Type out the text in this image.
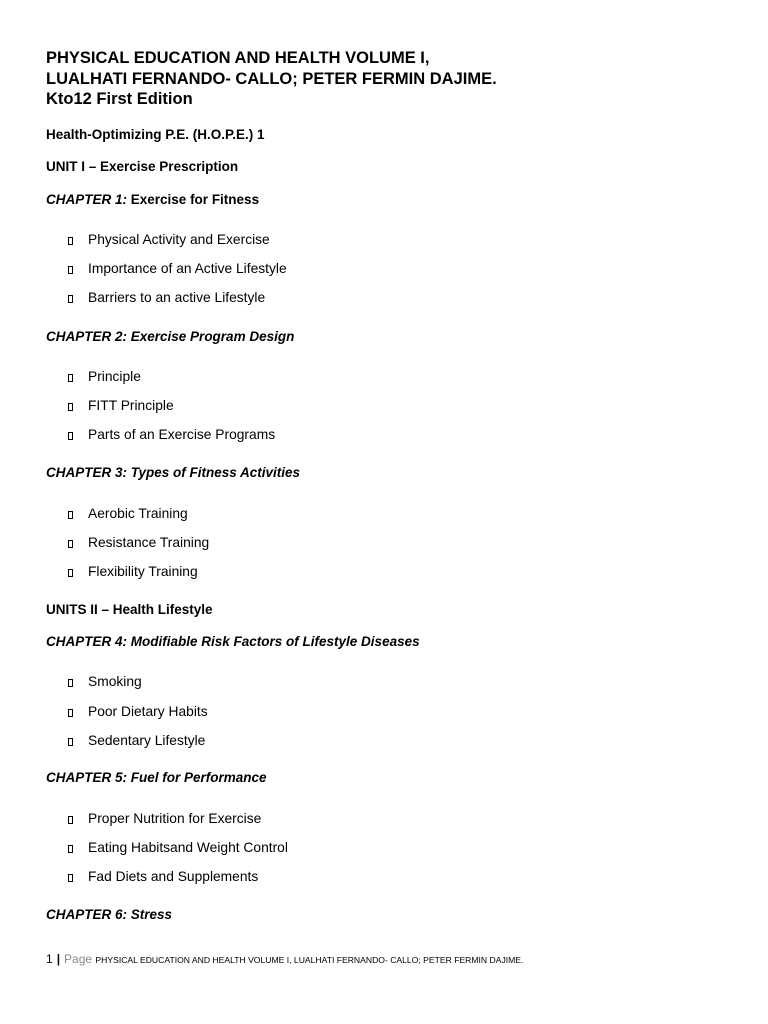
PHYSICAL EDUCATION AND HEALTH VOLUME I,
LUALHATI FERNANDO- CALLO; PETER FERMIN DAJIME.
Kto12 First Edition
Health-Optimizing P.E. (H.O.P.E.) 1
UNIT I – Exercise Prescription
CHAPTER 1: Exercise for Fitness
Physical Activity and Exercise
Importance of an Active Lifestyle
Barriers to an active Lifestyle
CHAPTER 2: Exercise Program Design
Principle
FITT Principle
Parts of an Exercise Programs
CHAPTER 3: Types of Fitness Activities
Aerobic Training
Resistance Training
Flexibility Training
UNITS II – Health Lifestyle
CHAPTER 4: Modifiable Risk Factors of Lifestyle Diseases
Smoking
Poor Dietary Habits
Sedentary Lifestyle
CHAPTER 5: Fuel for Performance
Proper Nutrition for Exercise
Eating Habitsand Weight Control
Fad Diets and Supplements
CHAPTER 6: Stress
1 | Page PHYSICAL EDUCATION AND HEALTH VOLUME I, LUALHATI FERNANDO- CALLO; PETER FERMIN DAJIME.
